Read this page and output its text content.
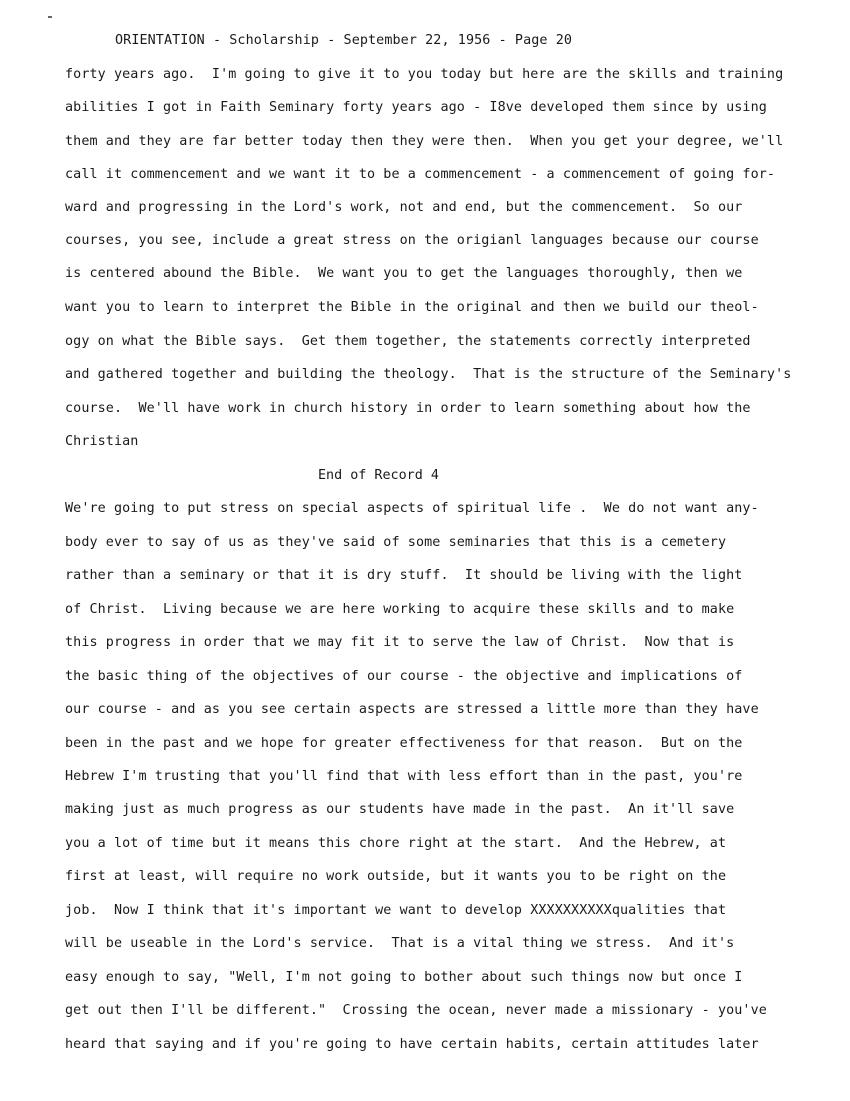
ORIENTATION - Scholarship - September 22, 1956 - Page 20
forty years ago.  I'm going to give it to you today but here are the skills and training
abilities I got in Faith Seminary forty years ago - I8ve developed them since by using
them and they are far better today then they were then.  When you get your degree, we'll
call it commencement and we want it to be a commencement - a commencement of going for-
ward and progressing in the Lord's work, not and end, but the commencement.  So our
courses, you see, include a great stress on the origianl languages because our course
is centered abound the Bible.  We want you to get the languages thoroughly, then we
want you to learn to interpret the Bible in the original and then we build our theol-
ogy on what the Bible says.  Get them together, the statements correctly interpreted
and gathered together and building the theology.  That is the structure of the Seminary's
course.  We'll have work in church history in order to learn something about how the
Christian
End of Record 4
We're going to put stress on special aspects of spiritual life .  We do not want any-
body ever to say of us as they've said of some seminaries that this is a cemetery
rather than a seminary or that it is dry stuff.  It should be living with the light
of Christ.  Living because we are here working to acquire these skills and to make
this progress in order that we may fit it to serve the law of Christ.  Now that is
the basic thing of the objectives of our course - the objective and implications of
our course - and as you see certain aspects are stressed a little more than they have
been in the past and we hope for greater effectiveness for that reason.  But on the
Hebrew I'm trusting that you'll find that with less effort than in the past, you're
making just as much progress as our students have made in the past.  An it'll save
you a lot of time but it means this chore right at the start.  And the Hebrew, at
first at least, will require no work outside, but it wants you to be right on the
job.  Now I think that it's important we want to develop XXXXXXXXXXqualities that
will be useable in the Lord's service.  That is a vital thing we stress.  And it's
easy enough to say, "Well, I'm not going to bother about such things now but once I
get out then I'll be different."  Crossing the ocean, never made a missionary - you've
heard that saying and if you're going to have certain habits, certain attitudes later
